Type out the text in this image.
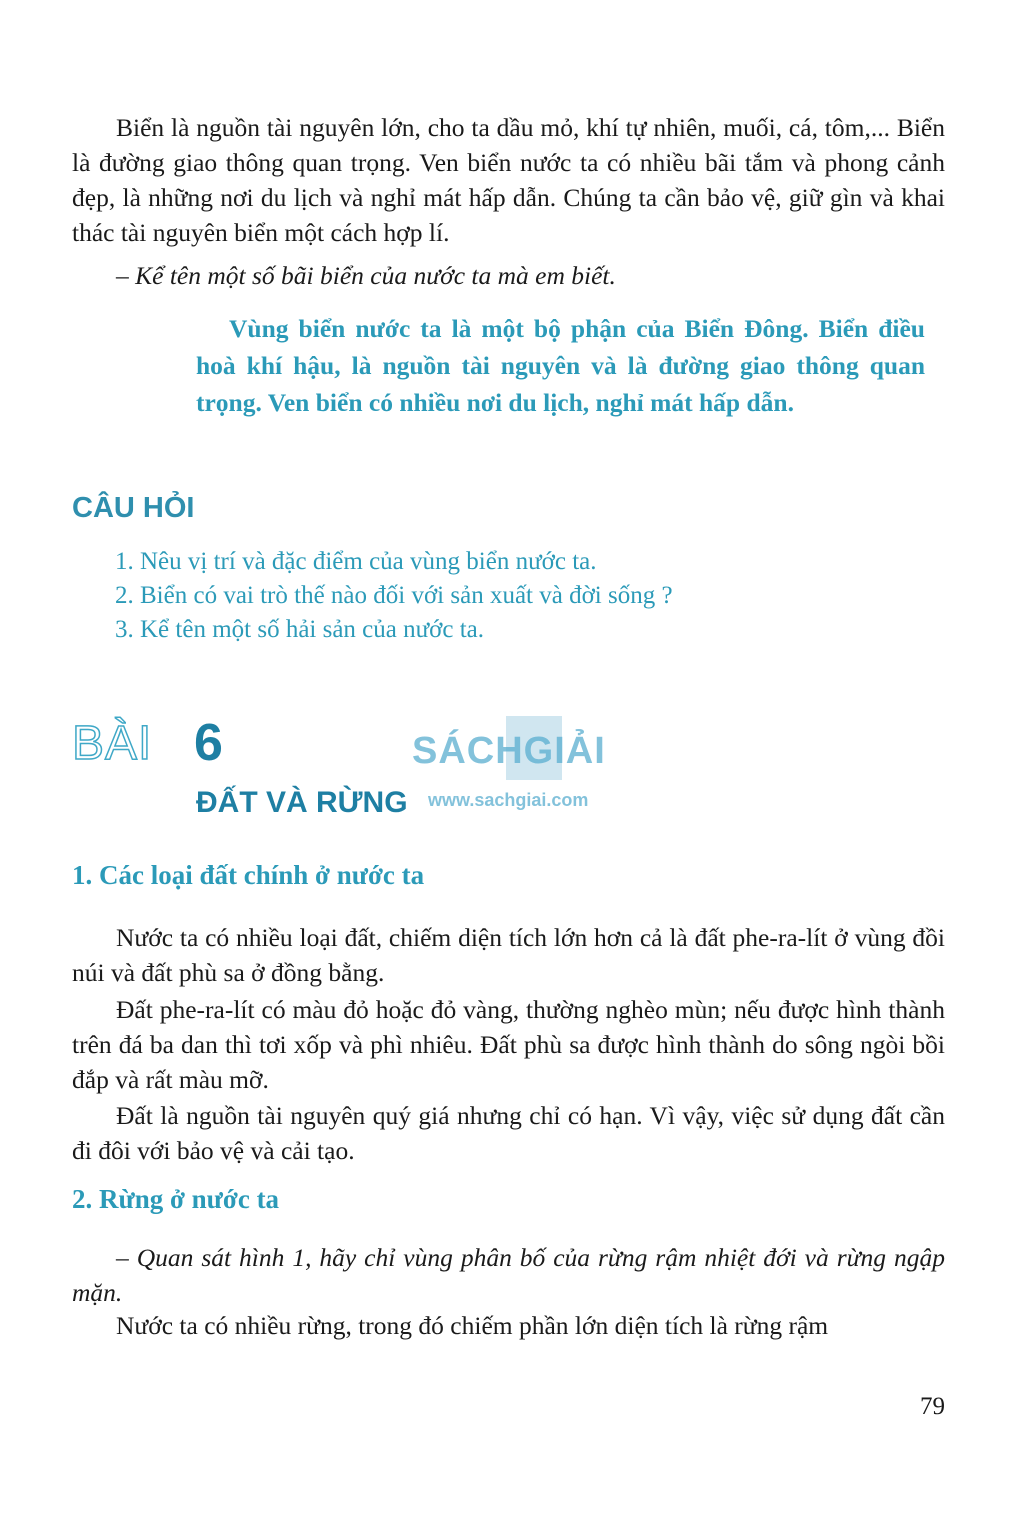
Biển là nguồn tài nguyên lớn, cho ta dầu mỏ, khí tự nhiên, muối, cá, tôm,... Biển là đường giao thông quan trọng. Ven biển nước ta có nhiều bãi tắm và phong cảnh đẹp, là những nơi du lịch và nghỉ mát hấp dẫn. Chúng ta cần bảo vệ, giữ gìn và khai thác tài nguyên biển một cách hợp lí.

– Kể tên một số bãi biển của nước ta mà em biết.

Vùng biển nước ta là một bộ phận của Biển Đông. Biển điều hoà khí hậu, là nguồn tài nguyên và là đường giao thông quan trọng. Ven biển có nhiều nơi du lịch, nghỉ mát hấp dẫn.

CÂU HỎI
1. Nêu vị trí và đặc điểm của vùng biển nước ta.
2. Biển có vai trò thế nào đối với sản xuất và đời sống ?
3. Kể tên một số hải sản của nước ta.
BÀI 6	SÁCHGIẢI
www.sachgiai.com
ĐẤT VÀ RỪNG
1. Các loại đất chính ở nước ta

Nước ta có nhiều loại đất, chiếm diện tích lớn hơn cả là đất phe-ra-lít ở vùng đồi núi và đất phù sa ở đồng bằng.

Đất phe-ra-lít có màu đỏ hoặc đỏ vàng, thường nghèo mùn; nếu được hình thành trên đá ba dan thì tơi xốp và phì nhiêu. Đất phù sa được hình thành do sông ngòi bồi đắp và rất màu mỡ.

Đất là nguồn tài nguyên quý giá nhưng chỉ có hạn. Vì vậy, việc sử dụng đất cần đi đôi với bảo vệ và cải tạo.

2. Rừng ở nước ta

– Quan sát hình 1, hãy chỉ vùng phân bố của rừng rậm nhiệt đới và rừng ngập mặn.

Nước ta có nhiều rừng, trong đó chiếm phần lớn diện tích là rừng rậm

79
